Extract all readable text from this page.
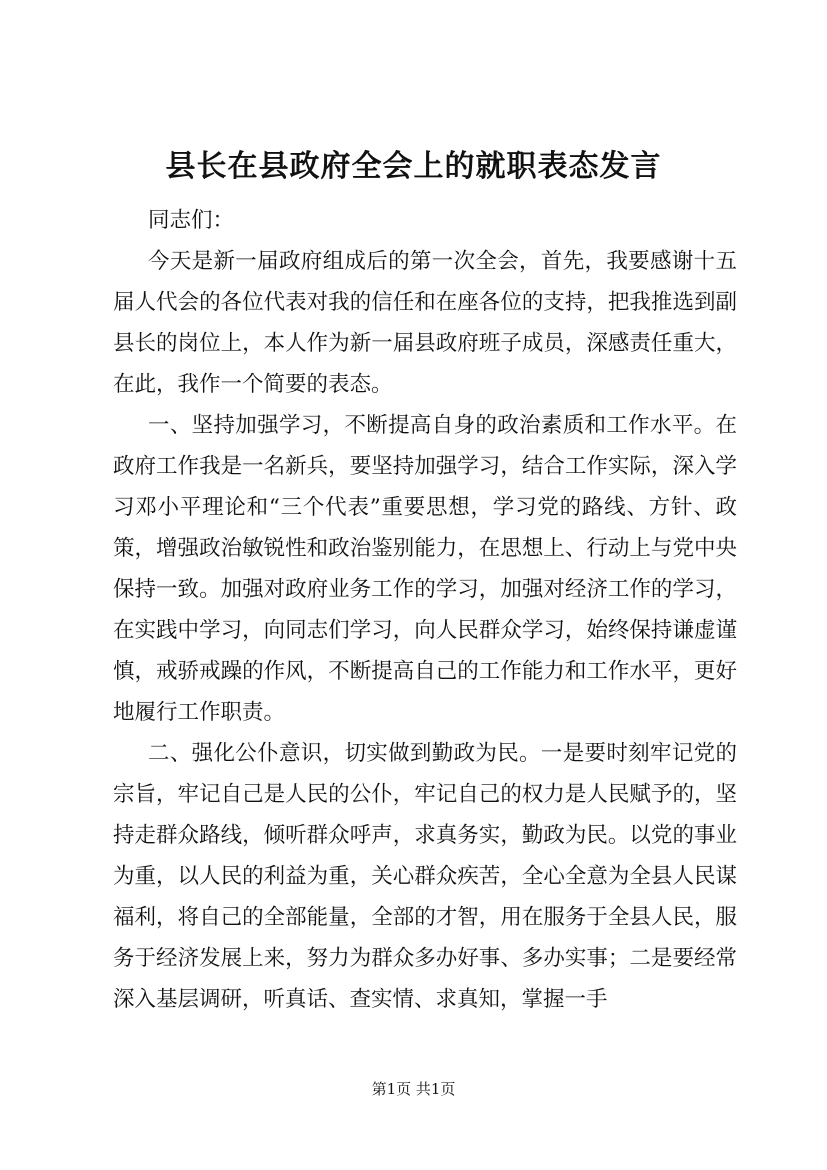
县长在县政府全会上的就职表态发言

同志们：

今天是新一届政府组成后的第一次全会，首先，我要感谢十五届人代会的各位代表对我的信任和在座各位的支持，把我推选到副县长的岗位上，本人作为新一届县政府班子成员，深感责任重大，在此，我作一个简要的表态。

一、坚持加强学习，不断提高自身的政治素质和工作水平。在政府工作我是一名新兵，要坚持加强学习，结合工作实际，深入学习邓小平理论和“三个代表”重要思想，学习党的路线、方针、政策，增强政治敏锐性和政治鉴别能力，在思想上、行动上与党中央保持一致。加强对政府业务工作的学习，加强对经济工作的学习，在实践中学习，向同志们学习，向人民群众学习，始终保持谦虚谨慎，戒骄戒躁的作风，不断提高自己的工作能力和工作水平，更好地履行工作职责。

二、强化公仆意识，切实做到勤政为民。一是要时刻牢记党的宗旨，牢记自己是人民的公仆，牢记自己的权力是人民赋予的，坚持走群众路线，倾听群众呼声，求真务实，勤政为民。以党的事业为重，以人民的利益为重，关心群众疾苦，全心全意为全县人民谋福利，将自己的全部能量，全部的才智，用在服务于全县人民，服务于经济发展上来，努力为群众多办好事、多办实事；二是要经常深入基层调研，听真话、查实情、求真知，掌握一手

第1页 共1页
